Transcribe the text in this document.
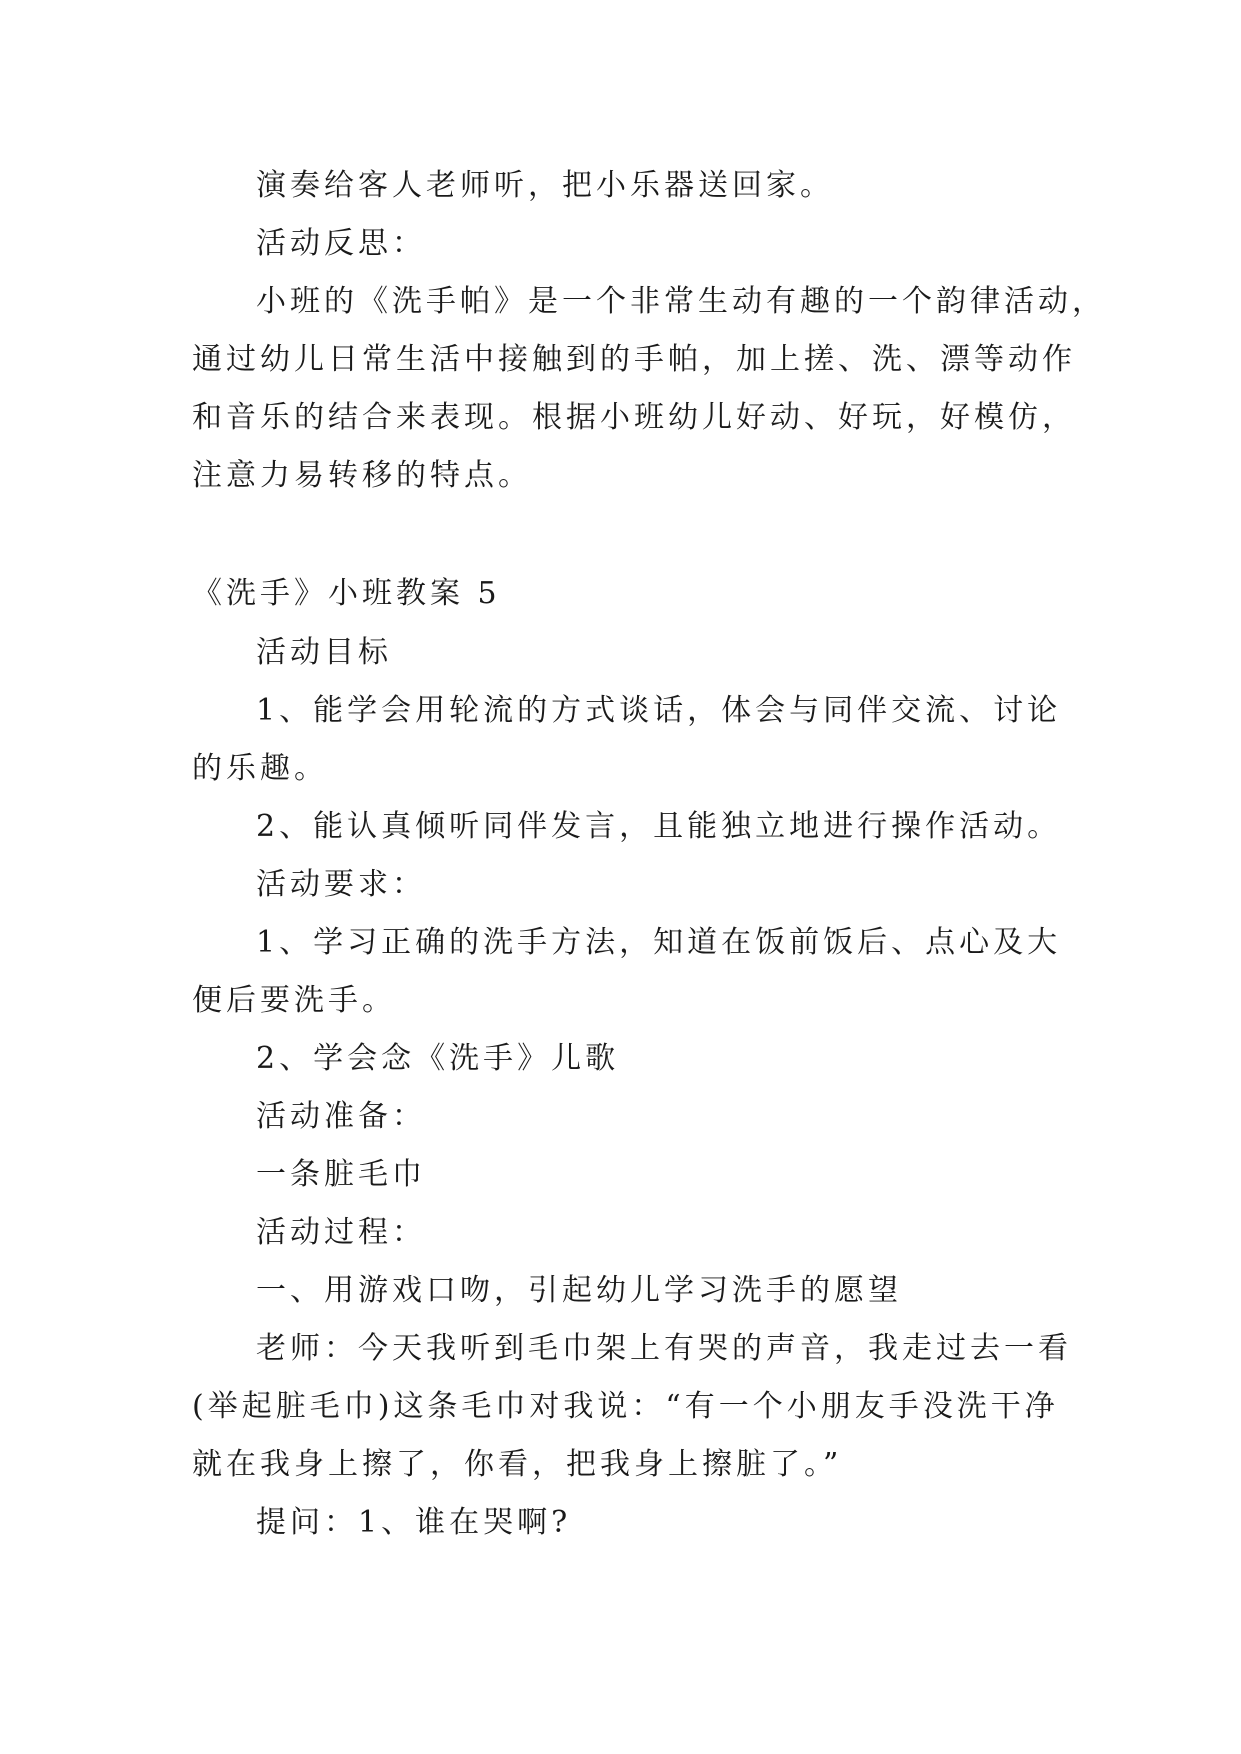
演奏给客人老师听，把小乐器送回家。
活动反思：
小班的《洗手帕》是一个非常生动有趣的一个韵律活动，
通过幼儿日常生活中接触到的手帕，加上搓、洗、漂等动作
和音乐的结合来表现。根据小班幼儿好动、好玩，好模仿，
注意力易转移的特点。
《洗手》小班教案 5
活动目标
1、能学会用轮流的方式谈话，体会与同伴交流、讨论
的乐趣。
2、能认真倾听同伴发言，且能独立地进行操作活动。
活动要求：
1、学习正确的洗手方法，知道在饭前饭后、点心及大
便后要洗手。
2、学会念《洗手》儿歌
活动准备：
一条脏毛巾
活动过程：
一、用游戏口吻，引起幼儿学习洗手的愿望
老师：今天我听到毛巾架上有哭的声音，我走过去一看
(举起脏毛巾)这条毛巾对我说：“有一个小朋友手没洗干净
就在我身上擦了，你看，把我身上擦脏了。”
提问：1、谁在哭啊?
